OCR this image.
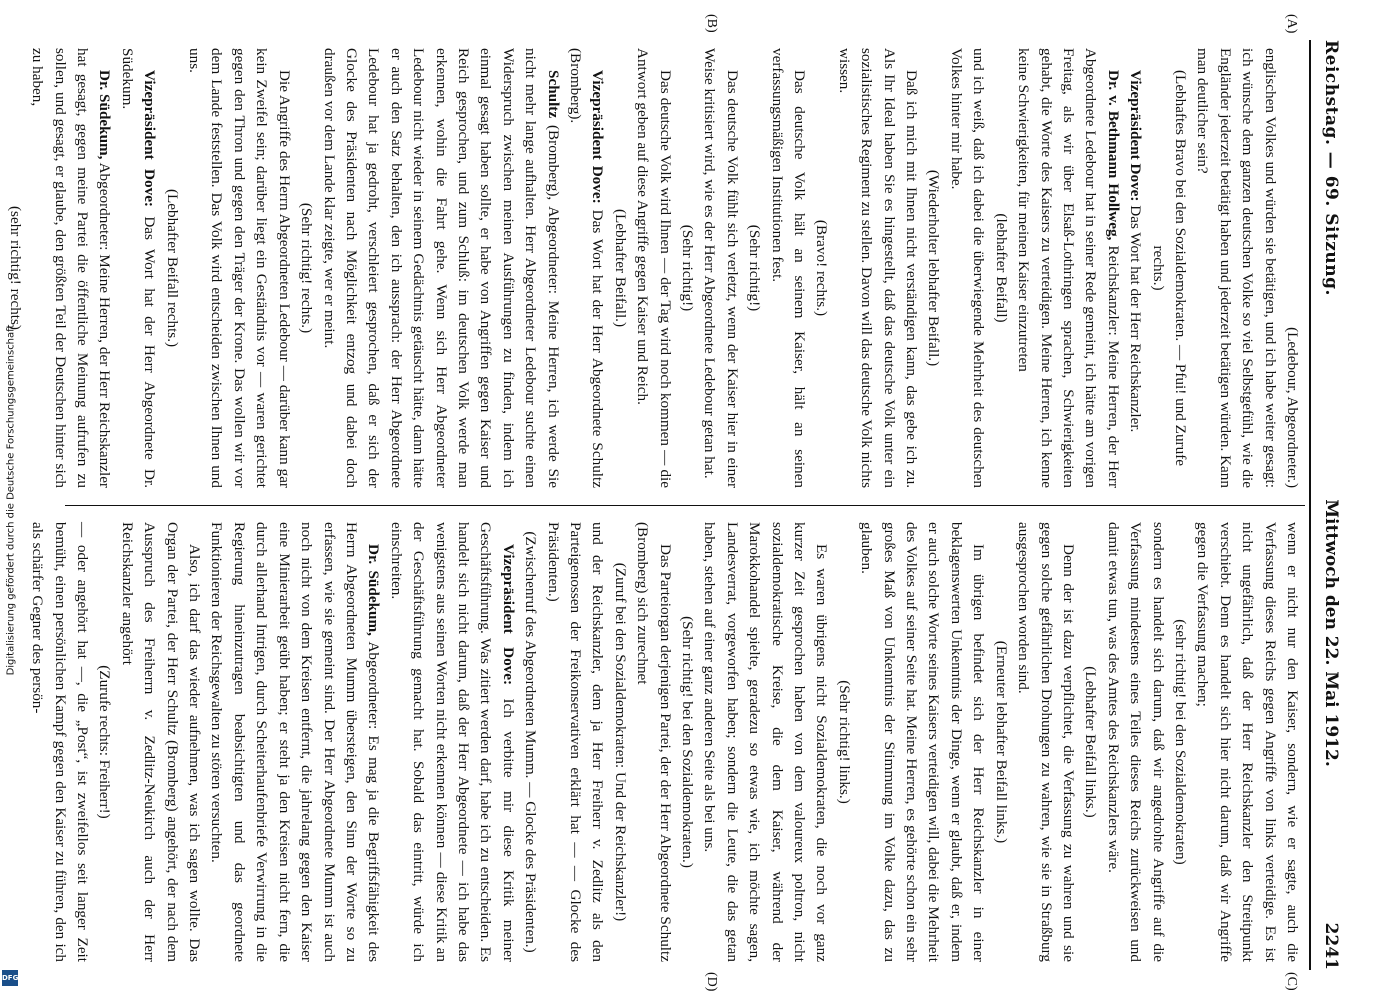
Digitalisierung gefördert durch die Deutsche Forschungsgemeinschaft
DFG
Reichstag. — 69. Sitzung.
Mittwoch den 22. Mai 1912. 2241
(A)
(B)
(C)
(D)

(Ledebour, Abgeordneter.)

englischen Volkes und würden sie betätigen, und ich habe weiter gesagt: ich wünsche dem ganzen deutschen Volke so viel Selbstgefühl, wie die Engländer jederzeit betätigt haben und jederzeit betätigen würden. Kann man deutlicher sein?

(Lebhaftes Bravo bei den Sozialdemokraten. — Pfui! und Zurufe rechts.)

Vizepräsident Dove: Das Wort hat der Herr Reichskanzler.

Dr. v. Bethmann Hollweg, Reichskanzler: Meine Herren, der Herr Abgeordnete Ledebour hat in seiner Rede gemeint, ich hätte am vorigen Freitag, als wir über Elsaß-Lothringen sprachen, Schwierigkeiten gehabt, die Worte des Kaisers zu verteidigen. Meine Herren, ich kenne keine Schwierigkeiten, für meinen Kaiser einzutreten

(lebhafter Beifall)

und ich weiß, daß ich dabei die überwiegende Mehrheit des deutschen Volkes hinter mir habe.

(Wiederholter lebhafter Beifall.)

Daß ich mich mit Ihnen nicht verständigen kann, das gebe ich zu. Als Ihr Ideal haben Sie es hingestellt, daß das deutsche Volk unter ein sozialistisches Regiment zu stellen. Davon will das deutsche Volk nichts wissen.

(Bravo! rechts.)

Das deutsche Volk hält an seinem Kaiser, hält an seinen verfassungsmäßigen Institutionen fest.

(Sehr richtig!)

Das deutsche Volk fühlt sich verletzt, wenn der Kaiser hier in einer Weise kritisiert wird, wie es der Herr Abgeordnete Ledebour getan hat.

(Sehr richtig!)

Das deutsche Volk wird Ihnen — der Tag wird noch kommen — die Antwort geben auf diese Angriffe gegen Kaiser und Reich.

(Lebhafter Beifall.)

Vizepräsident Dove: Das Wort hat der Herr Abgeordnete Schultz (Bromberg).

Schultz (Bromberg), Abgeordneter: Meine Herren, ich werde Sie nicht mehr lange aufhalten. Herr Abgeordneter Ledebour suchte einen Widerspruch zwischen meinen Ausführungen zu finden, indem ich einmal gesagt haben sollte, er habe von Angriffen gegen Kaiser und Reich gesprochen, und zum Schluß: im deutschen Volk werde man erkennen, wohin die Fahrt gehe. Wenn sich Herr Abgeordneter Ledebour nicht wieder in seinem Gedächtnis getäuscht hätte, dann hätte er auch den Satz behalten, den ich aussprach: der Herr Abgeordnete Ledebour hat ja gedroht, verschleiert gesprochen, daß er sich der Glocke des Präsidenten nach Möglichkeit entzog und dabei doch draußen vor dem Lande klar zeigte, wer er meint.

(Sehr richtig! rechts.)

Die Angriffe des Herrn Abgeordneten Ledebour — darüber kann gar kein Zweifel sein; darüber liegt ein Geständnis vor — waren gerichtet gegen den Thron und gegen den Träger der Krone. Das wollen wir vor dem Lande feststellen. Das Volk wird entscheiden zwischen Ihnen und uns.

(Lebhafter Beifall rechts.)

Vizepräsident Dove: Das Wort hat der Herr Abgeordnete Dr. Südekum.

Dr. Südekum, Abgeordneter: Meine Herren, der Herr Reichskanzler hat gesagt, gegen meine Partei die öffentliche Meinung aufrufen zu sollen, und gesagt, er glaube, den größten Teil der Deutschen hinter sich zu haben,

(sehr richtig! rechts)

wenn er nicht nur den Kaiser, sondern, wie er sagte, auch die Verfassung dieses Reichs gegen Angriffe von links verteidige. Es ist nicht ungefährlich, daß der Herr Reichskanzler den Streitpunkt verschiebt. Denn es handelt sich hier nicht darum, daß wir Angriffe gegen die Verfassung machen;

(sehr richtig! bei den Sozialdemokraten)

sondern es handelt sich darum, daß wir angedrohte Angriffe auf die Verfassung mindestens eines Teiles dieses Reichs zurückweisen und damit etwas tun, was des Amtes des Reichskanzlers wäre.

(Lebhafter Beifall links.)

Denn der ist dazu verpflichtet, die Verfassung zu wahren und sie gegen solche gefährlichen Drohungen zu wahren, wie sie in Straßburg ausgesprochen worden sind.

(Erneuter lebhafter Beifall links.)

Im übrigen befindet sich der Herr Reichskanzler in einer beklagenswerten Unkenntnis der Dinge, wenn er glaubt, daß er, indem er auch solche Worte seines Kaisers verteidigen will, dabei die Mehrheit des Volkes auf seiner Seite hat. Meine Herren, es gehörte schon ein sehr großes Maß von Unkenntnis der Stimmung im Volke dazu, das zu glauben.

(Sehr richtig! links.)

Es waren übrigens nicht Sozialdemokraten, die noch vor ganz kurzer Zeit gesprochen haben von dem valoureux poltron, nicht sozialdemokratische Kreise, die dem Kaiser, während der Marokkohandel spielte, geradezu so etwas wie, ich möchte sagen, Landesverrat, vorgeworfen haben; sondern die Leute, die das getan haben, stehen auf einer ganz anderen Seite als bei uns.

(Sehr richtig! bei den Sozialdemokraten.)

Das Parteiorgan derjenigen Partei, der der Herr Abgeordnete Schultz (Bromberg) sich zurechnet

(Zuruf bei den Sozialdemokraten: Und der Reichskanzler!)

und der Reichskanzler, dem ja Herr Freiherr v. Zedlitz als den Parteigenossen der Freikonservativen erklärt hat — — Glocke des Präsidenten.)

(Zwischenruf des Abgeordneten Mumm. — Glocke des Präsidenten.)

Vizepräsident Dove: Ich verbitte mir diese Kritik meiner Geschäftsführung. Was zitiert werden darf, habe ich zu entscheiden. Es handelt sich nicht darum, daß der Herr Abgeordnete — ich habe das wenigstens aus seinen Worten nicht erkennen können — diese Kritik an der Geschäftsführung gemacht hat. Sobald das eintritt, würde ich einschreiten.

Dr. Südekum, Abgeordneter: Es mag ja die Begriffsfähigkeit des Herrn Abgeordneten Mumm übersteigen, den Sinn der Worte so zu erfassen, wie sie gemeint sind. Der Herr Abgeordnete Mumm ist auch noch nicht von dem Kreisen entfernt, die jahrelang gegen den Kaiser eine Minierarbeit geübt haben; er steht ja den Kreisen nicht fern, die durch allerhand Intrigen, durch Scheiterhaufenbriefe Verwirrung in die Regierung hineinzutragen beabsichtigten und das geordnete Funktionieren der Reichsgewalten zu stören versuchten.

Also, ich darf das wieder aufnehmen, was ich sagen wollte. Das Organ der Partei, der Herr Schultz (Bromberg) angehört, der nach dem Ausspruch des Freiherrn v. Zedlitz-Neukirch auch der Herr Reichskanzler angehört

(Zurufe rechts: Freiherr!)

— oder angehört hat —, die „Post“, ist zweifellos seit langer Zeit bemüht, einen persönlichen Kampf gegen den Kaiser zu führen, den ich als schärfer Gegner des persön-
